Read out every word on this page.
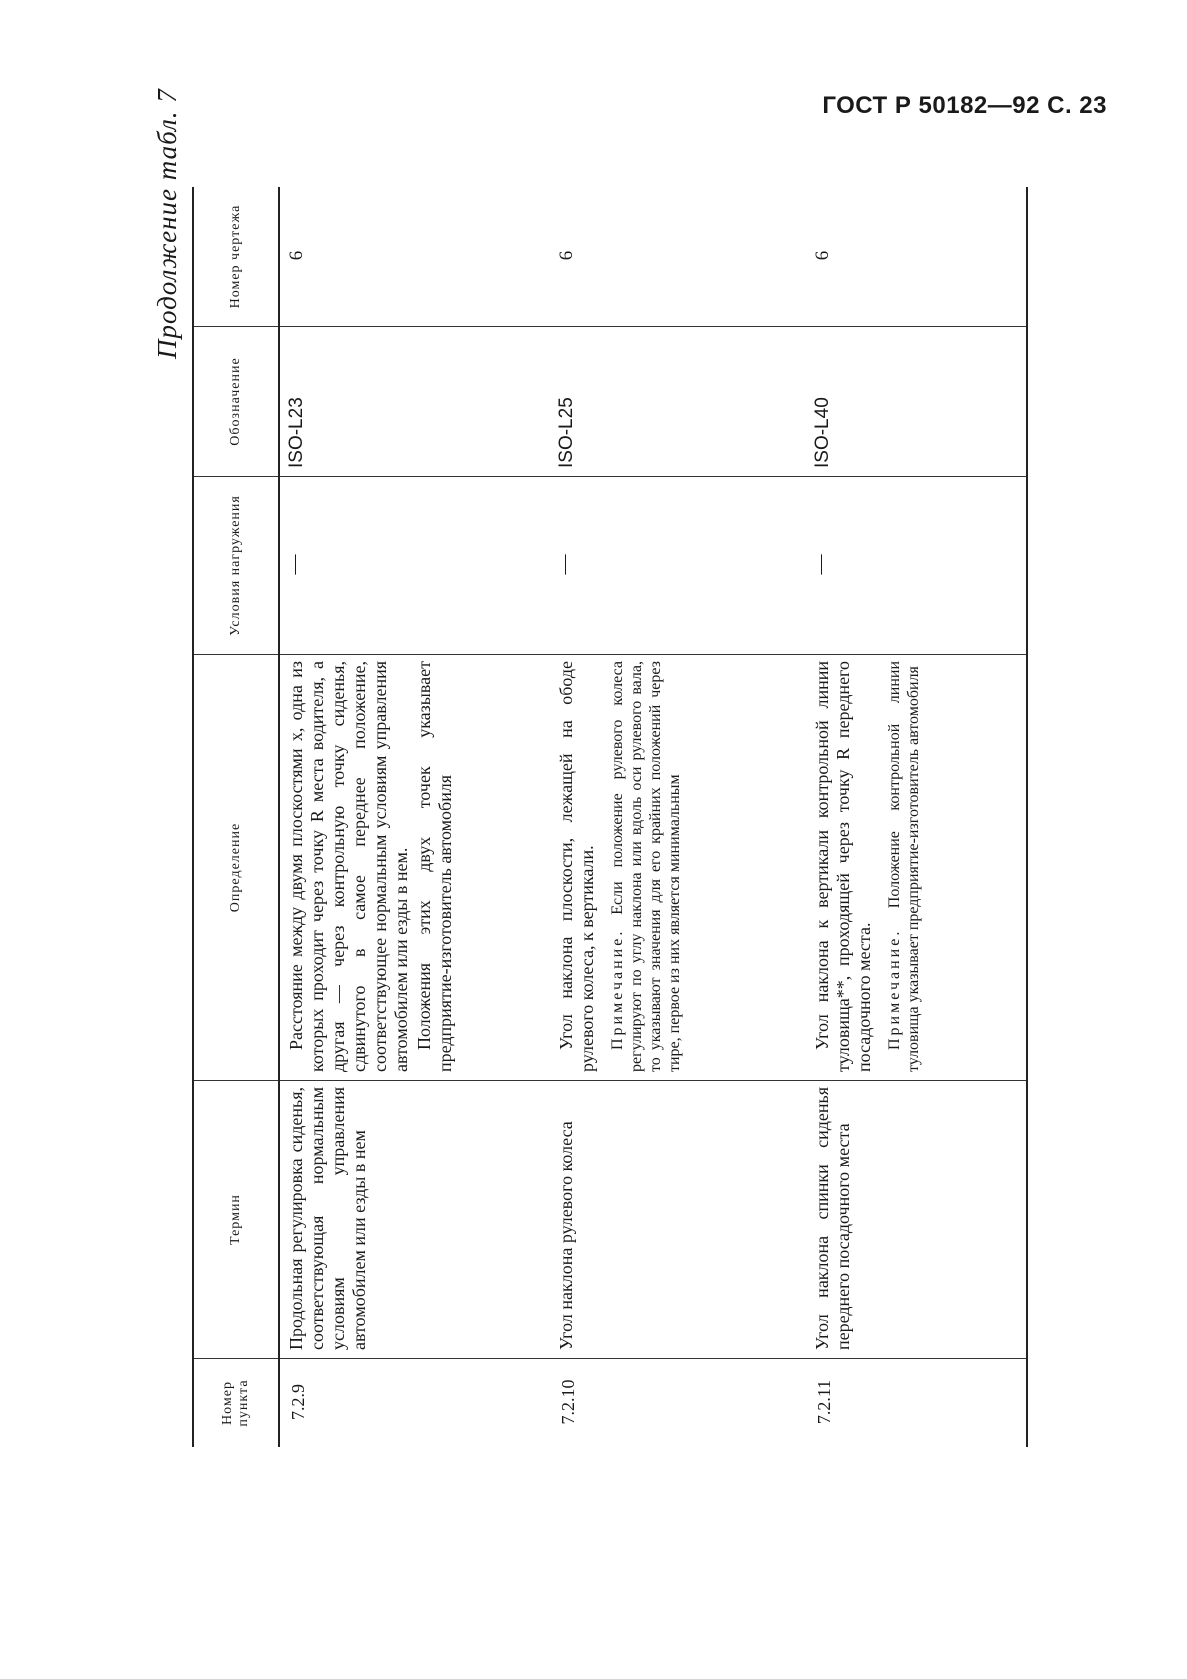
ГОСТ Р 50182—92 С. 23
Продолжение табл. 7
Номер пункта
Термин
Определение
Условия нагружения
Обозначение
Номер чертежа
7.2.9
Продольная регулировка сиденья, соответствующая нормальным условиям управления автомобилем или езды в нем

Расстояние между двумя плоскостями x, одна из которых проходит через точку R места водителя, а другая — через контрольную точку сиденья, сдвинутого в самое переднее положение, соответствующее нормальным условиям управления автомобилем или езды в нем. Положения этих двух точек указывает предприятие-изготовитель автомобиля

—
ISO-L23
6
7.2.10
Угол наклона рулевого колеса

Угол наклона плоскости, лежащей на ободе рулевого колеса, к вертикали. Примечание. Если положение рулевого колеса регулируют по углу наклона или вдоль оси рулевого вала, то указывают значения для его крайних положений через тире, первое из них является минимальным

—
ISO-L25
6
7.2.11
Угол наклона спинки сиденья переднего посадочного места

Угол наклона к вертикали контрольной линии туловища**, проходящей через точку R переднего посадочного места. Примечание. Положение контрольной линии туловища указывает предприятие-изготовитель автомобиля

—
ISO-L40
6
